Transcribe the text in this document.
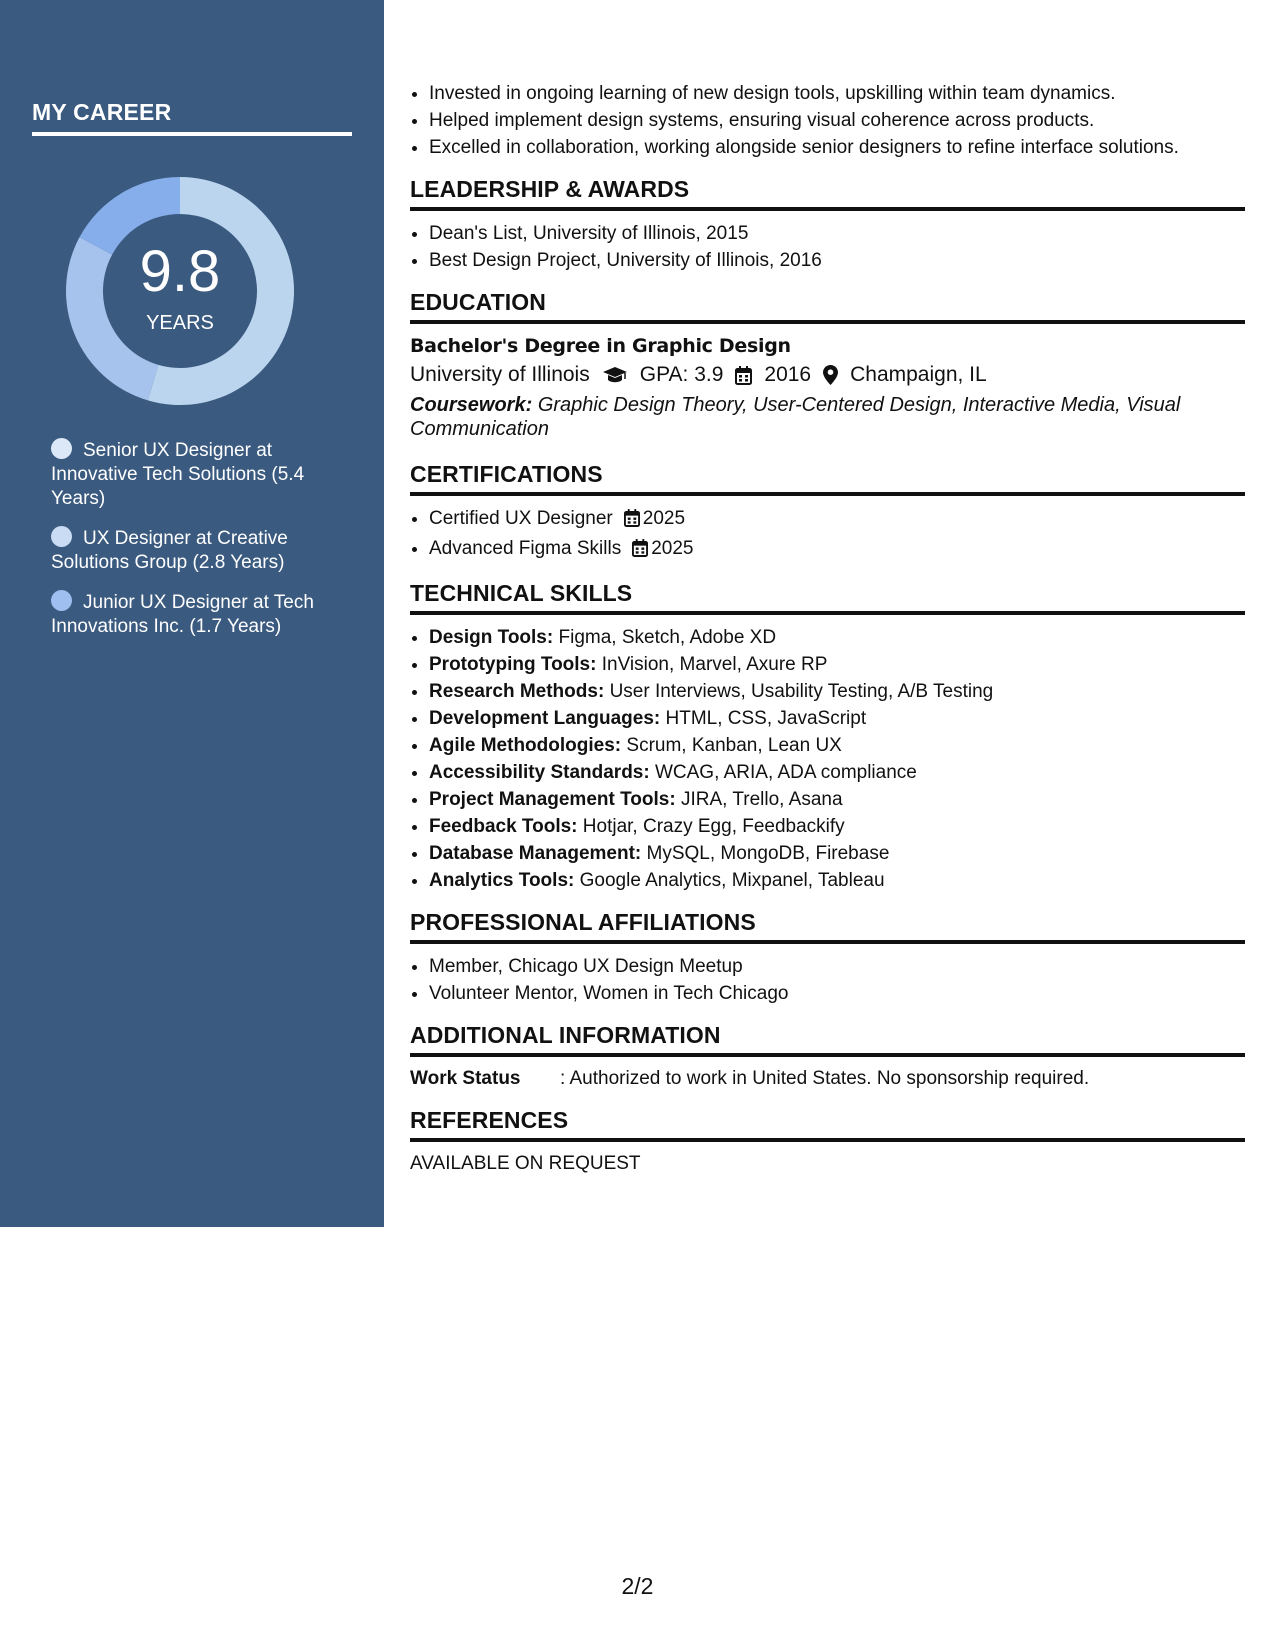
MY CAREER
9.8
YEARS
Senior UX Designer at Innovative Tech Solutions (5.4 Years)
UX Designer at Creative Solutions Group (2.8 Years)
Junior UX Designer at Tech Innovations Inc. (1.7 Years)
• Invested in ongoing learning of new design tools, upskilling within team dynamics.
• Helped implement design systems, ensuring visual coherence across products.
• Excelled in collaboration, working alongside senior designers to refine interface solutions.
LEADERSHIP & AWARDS
• Dean's List, University of Illinois, 2015
• Best Design Project, University of Illinois, 2016
EDUCATION
Bachelor's Degree in Graphic Design
University of Illinois GPA: 3.9 2016 Champaign, IL
Coursework: Graphic Design Theory, User-Centered Design, Interactive Media, Visual Communication
CERTIFICATIONS
• Certified UX Designer 2025
• Advanced Figma Skills 2025
TECHNICAL SKILLS
• Design Tools: Figma, Sketch, Adobe XD
• Prototyping Tools: InVision, Marvel, Axure RP
• Research Methods: User Interviews, Usability Testing, A/B Testing
• Development Languages: HTML, CSS, JavaScript
• Agile Methodologies: Scrum, Kanban, Lean UX
• Accessibility Standards: WCAG, ARIA, ADA compliance
• Project Management Tools: JIRA, Trello, Asana
• Feedback Tools: Hotjar, Crazy Egg, Feedbackify
• Database Management: MySQL, MongoDB, Firebase
• Analytics Tools: Google Analytics, Mixpanel, Tableau
PROFESSIONAL AFFILIATIONS
• Member, Chicago UX Design Meetup
• Volunteer Mentor, Women in Tech Chicago
ADDITIONAL INFORMATION
Work Status	: Authorized to work in United States. No sponsorship required.
REFERENCES
AVAILABLE ON REQUEST
2/2
